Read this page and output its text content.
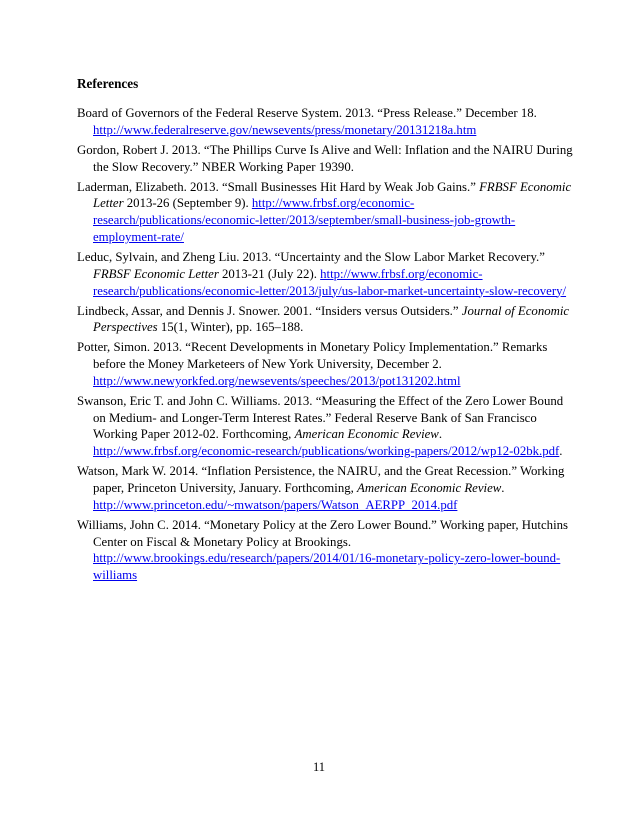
References

Board of Governors of the Federal Reserve System. 2013. “Press Release.” December 18. http://www.federalreserve.gov/newsevents/press/monetary/20131218a.htm

Gordon, Robert J. 2013. “The Phillips Curve Is Alive and Well: Inflation and the NAIRU During the Slow Recovery.” NBER Working Paper 19390.

Laderman, Elizabeth. 2013. “Small Businesses Hit Hard by Weak Job Gains.” FRBSF Economic Letter 2013-26 (September 9). http://www.frbsf.org/economic-research/publications/economic-letter/2013/september/small-business-job-growth-employment-rate/

Leduc, Sylvain, and Zheng Liu. 2013. “Uncertainty and the Slow Labor Market Recovery.” FRBSF Economic Letter 2013-21 (July 22). http://www.frbsf.org/economic-research/publications/economic-letter/2013/july/us-labor-market-uncertainty-slow-recovery/

Lindbeck, Assar, and Dennis J. Snower. 2001. “Insiders versus Outsiders.” Journal of Economic Perspectives 15(1, Winter), pp. 165–188.

Potter, Simon. 2013. “Recent Developments in Monetary Policy Implementation.” Remarks before the Money Marketeers of New York University, December 2. http://www.newyorkfed.org/newsevents/speeches/2013/pot131202.html

Swanson, Eric T. and John C. Williams. 2013. “Measuring the Effect of the Zero Lower Bound on Medium- and Longer-Term Interest Rates.” Federal Reserve Bank of San Francisco Working Paper 2012-02. Forthcoming, American Economic Review. http://www.frbsf.org/economic-research/publications/working-papers/2012/wp12-02bk.pdf.

Watson, Mark W. 2014. “Inflation Persistence, the NAIRU, and the Great Recession.” Working paper, Princeton University, January. Forthcoming, American Economic Review. http://www.princeton.edu/~mwatson/papers/Watson_AERPP_2014.pdf

Williams, John C. 2014. “Monetary Policy at the Zero Lower Bound.” Working paper, Hutchins Center on Fiscal & Monetary Policy at Brookings. http://www.brookings.edu/research/papers/2014/01/16-monetary-policy-zero-lower-bound-williams

11
